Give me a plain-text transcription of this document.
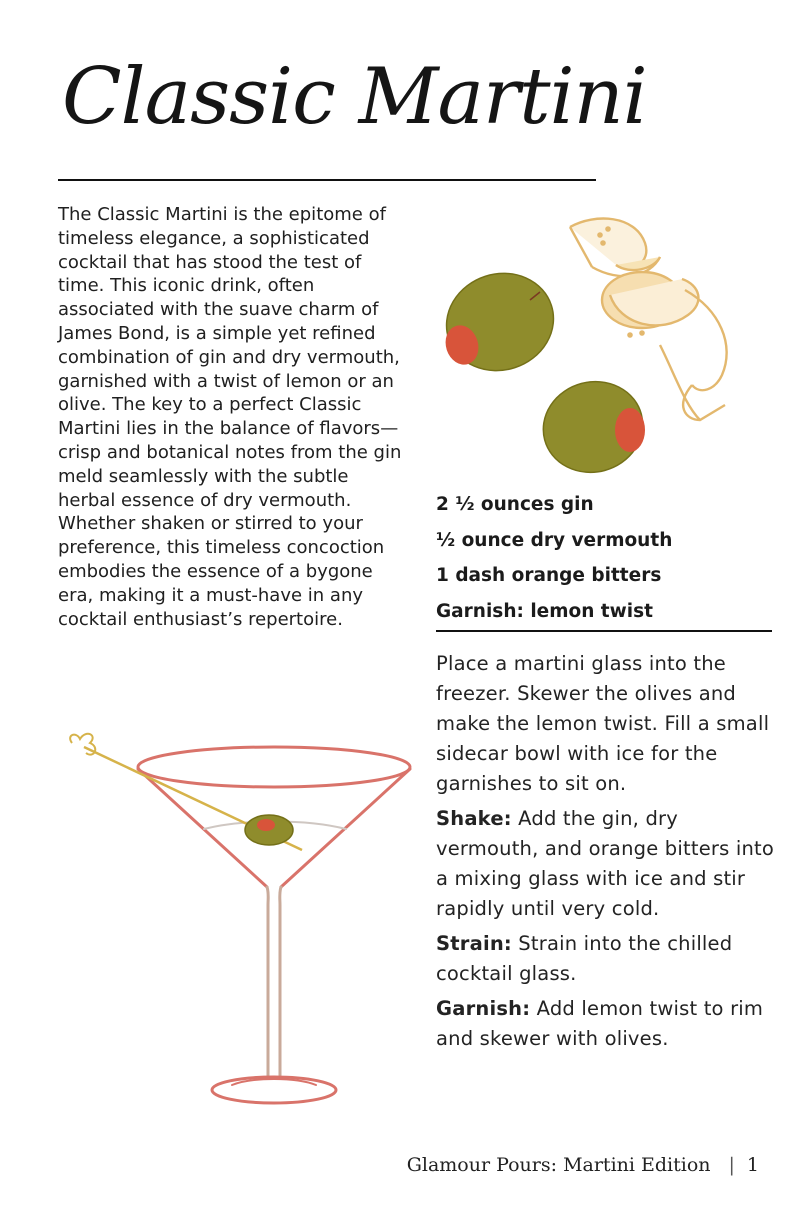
Classic Martini

The Classic Martini is the epitome of timeless elegance, a sophisticated cocktail that has stood the test of time. This iconic drink, often associated with the suave charm of James Bond, is a simple yet refined combination of gin and dry vermouth, garnished with a twist of lemon or an olive. The key to a perfect Classic Martini lies in the balance of flavors—crisp and botanical notes from the gin meld seamlessly with the subtle herbal essence of dry vermouth. Whether shaken or stirred to your preference, this timeless concoction embodies the essence of a bygone era, making it a must-have in any cocktail enthusiast’s repertoire.

2 ½ ounces gin
½ ounce dry vermouth
1 dash orange bitters
Garnish: lemon twist

Place a martini glass into the freezer. Skewer the olives and make the lemon twist. Fill a small sidecar bowl with ice for the garnishes to sit on.

Shake: Add the gin, dry vermouth, and orange bitters into a mixing glass with ice and stir rapidly until very cold.

Strain: Strain into the chilled cocktail glass.

Garnish: Add lemon twist to rim and skewer with olives.

Glamour Pours: Martini Edition | 1
